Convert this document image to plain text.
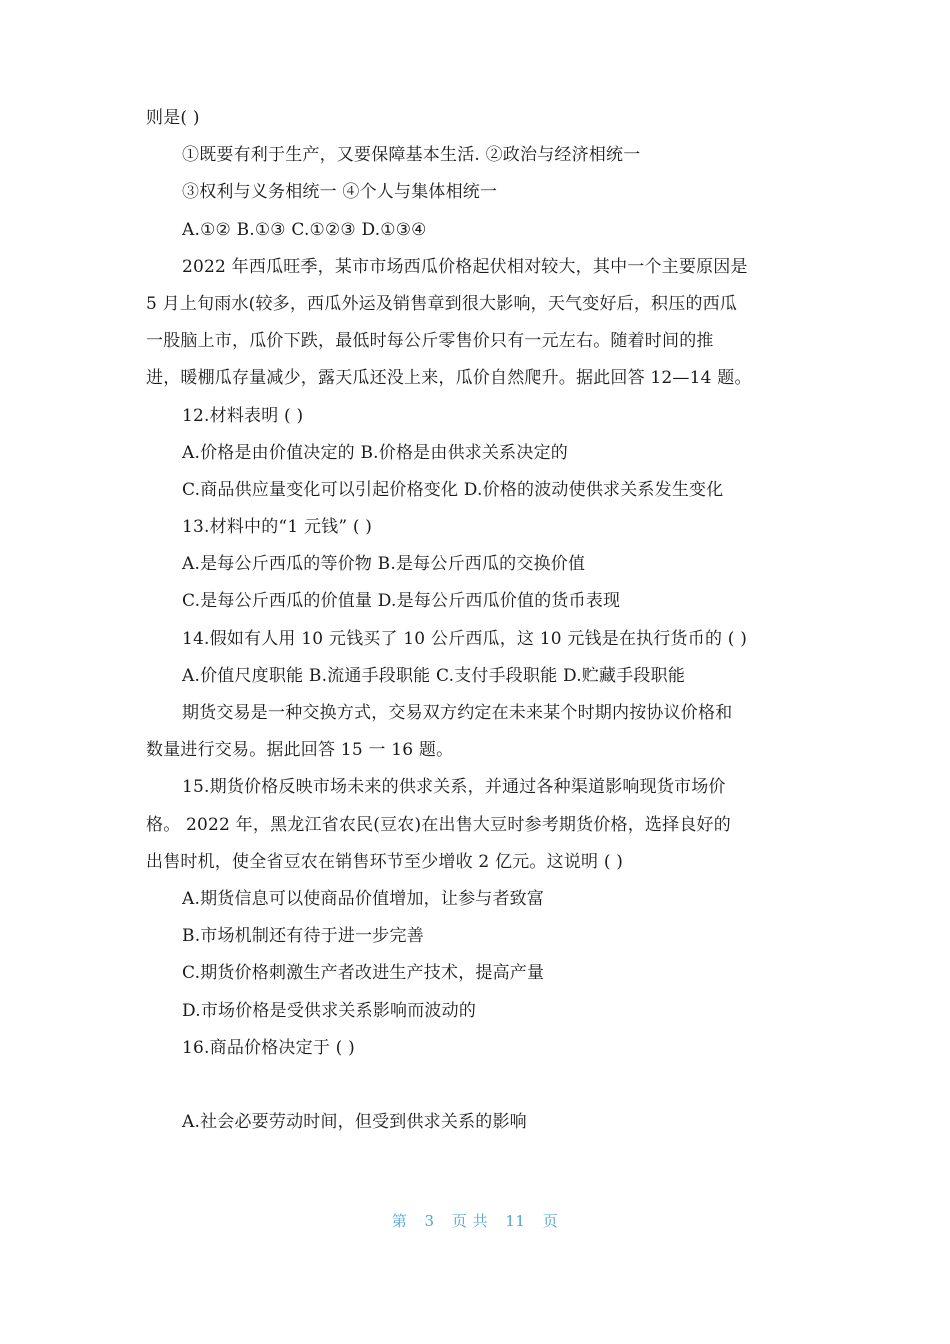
则是( )
①既要有利于生产，又要保障基本生活. ②政治与经济相统一
③权利与义务相统一 ④个人与集体相统一
A.①② B.①③ C.①②③ D.①③④
2022 年西瓜旺季，某市市场西瓜价格起伏相对较大，其中一个主要原因是
5 月上旬雨水(较多，西瓜外运及销售章到很大影响，天气变好后，积压的西瓜
一股脑上市，瓜价下跌，最低时每公斤零售价只有一元左右。随着时间的推
进，暖棚瓜存量减少，露天瓜还没上来，瓜价自然爬升。据此回答 12—14 题。
12.材料表明 ( )
A.价格是由价值决定的 B.价格是由供求关系决定的
C.商品供应量变化可以引起价格变化 D.价格的波动使供求关系发生变化
13.材料中的“1 元钱” ( )
A.是每公斤西瓜的等价物 B.是每公斤西瓜的交换价值
C.是每公斤西瓜的价值量 D.是每公斤西瓜价值的货币表现
14.假如有人用 10 元钱买了 10 公斤西瓜，这 10 元钱是在执行货币的 ( )
A.价值尺度职能 B.流通手段职能 C.支付手段职能 D.贮藏手段职能
期货交易是一种交换方式，交易双方约定在未来某个时期内按协议价格和
数量进行交易。据此回答 15 一 16 题。
15.期货价格反映市场未来的供求关系，并通过各种渠道影响现货市场价
格。 2022 年，黑龙江省农民(豆农)在出售大豆时参考期货价格，选择良好的
出售时机，使全省豆农在销售环节至少增收 2 亿元。这说明 ( )
A.期货信息可以使商品价值增加，让参与者致富
B.市场机制还有待于进一步完善
C.期货价格刺激生产者改进生产技术，提高产量
D.市场价格是受供求关系影响而波动的
16.商品价格决定于 ( )
A.社会必要劳动时间，但受到供求关系的影响
第 3 页 共 11 页
